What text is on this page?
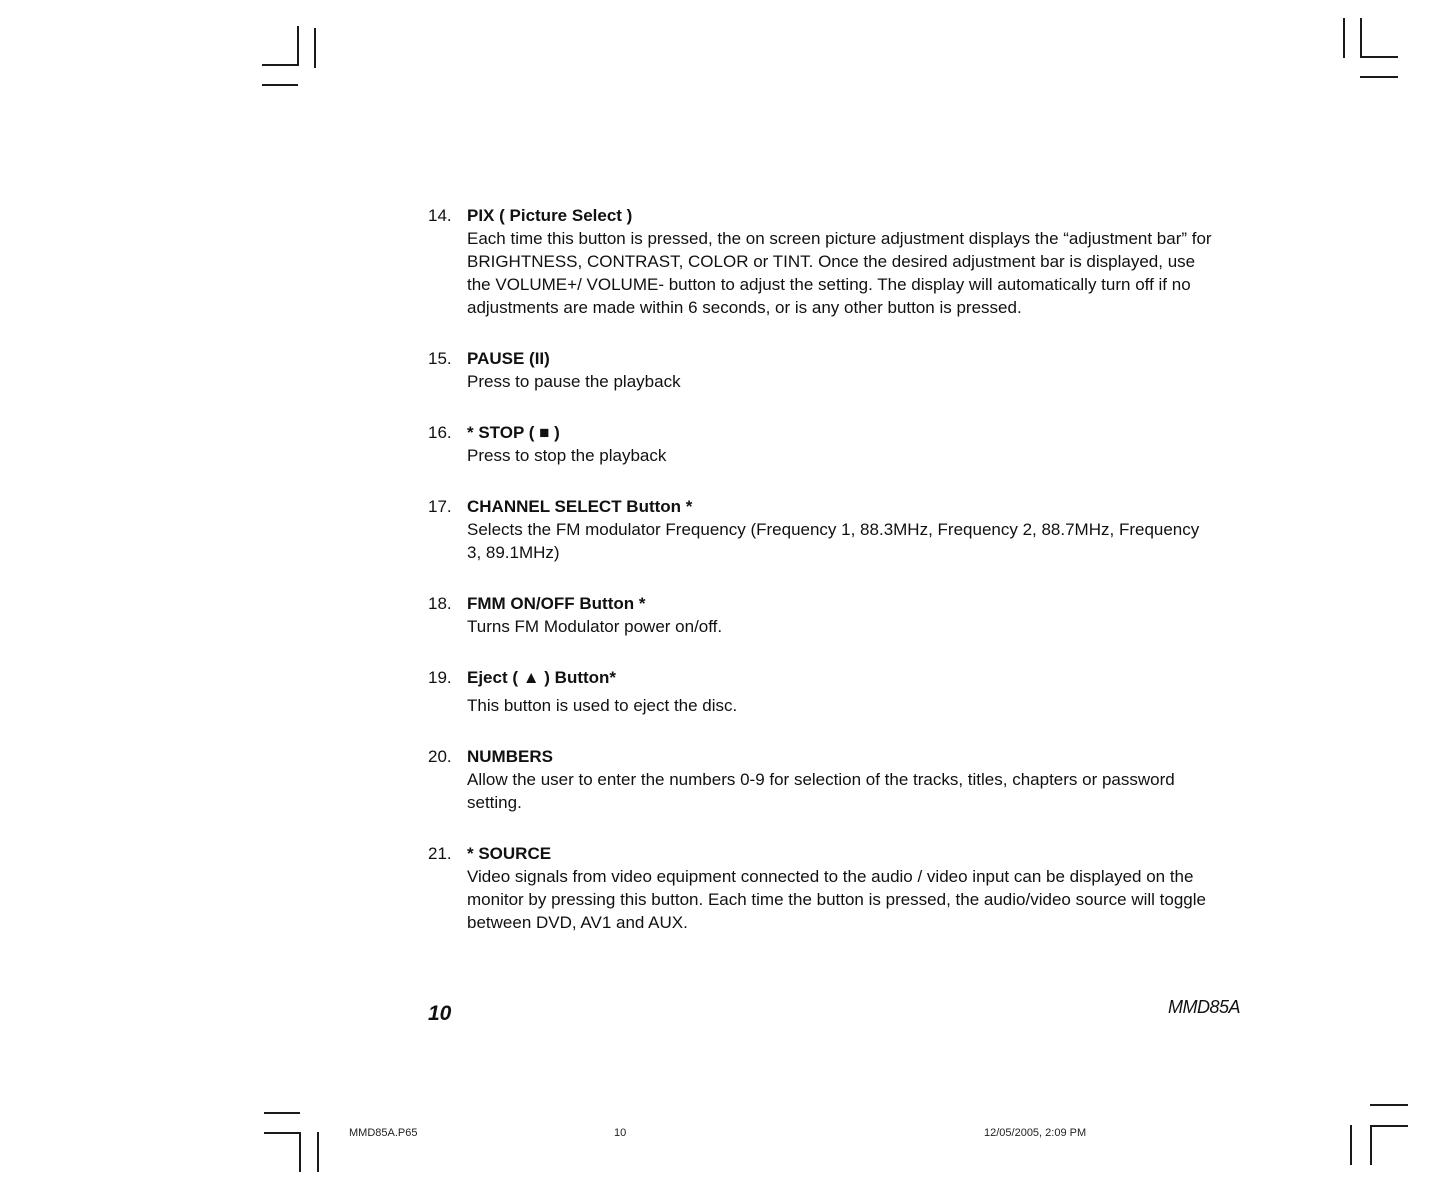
14. PIX ( Picture Select )
Each time this button is pressed, the on screen picture adjustment displays the “adjustment bar” for BRIGHTNESS, CONTRAST, COLOR or TINT. Once the desired adjustment bar is displayed, use the VOLUME+/ VOLUME- button to adjust the setting. The display will automatically turn off if no adjustments are made within 6 seconds, or is any other button is pressed.
15. PAUSE (II)
Press to pause the playback
16. * STOP ( ■ )
Press to stop the playback
17. CHANNEL SELECT Button *
Selects the FM modulator Frequency (Frequency 1, 88.3MHz, Frequency 2, 88.7MHz, Frequency 3, 89.1MHz)
18. FMM ON/OFF Button *
Turns FM Modulator power on/off.
19. Eject ( ▲ ) Button*
This button is used to eject the disc.
20. NUMBERS
Allow the user to enter the numbers 0-9 for selection of the tracks, titles, chapters or password setting.
21. * SOURCE
Video signals from video equipment connected to the audio / video input can be displayed on the monitor by pressing this button. Each time the button is pressed, the audio/video source will toggle between DVD, AV1 and AUX.
10	MMD85A
MMD85A.P65	10	12/05/2005, 2:09 PM
